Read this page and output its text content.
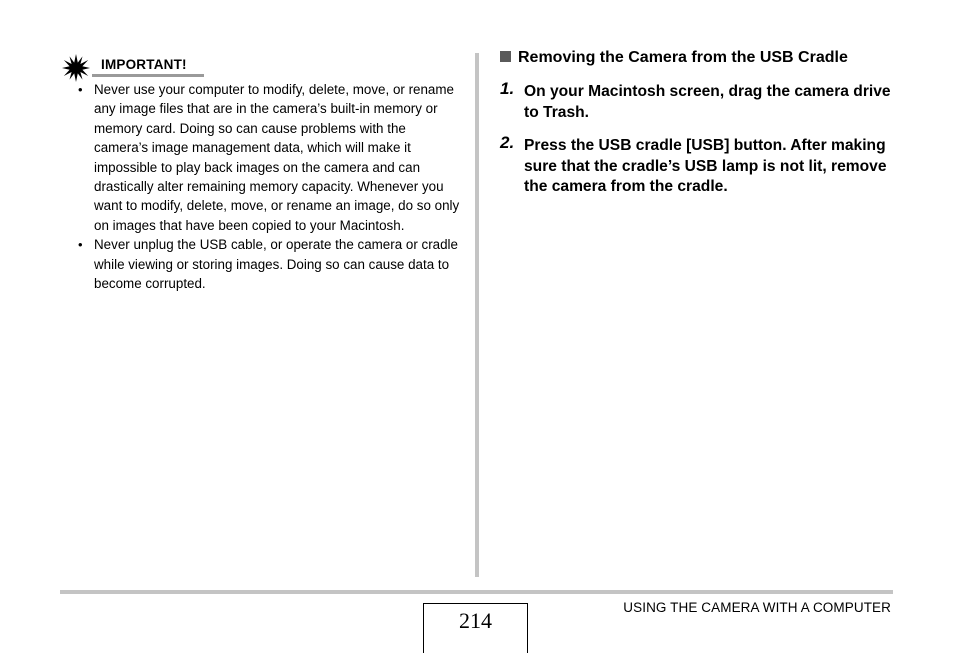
IMPORTANT!
• Never use your computer to modify, delete, move, or rename any image files that are in the camera’s built-in memory or memory card. Doing so can cause problems with the camera’s image management data, which will make it impossible to play back images on the camera and can drastically alter remaining memory capacity. Whenever you want to modify, delete, move, or rename an image, do so only on images that have been copied to your Macintosh.
• Never unplug the USB cable, or operate the camera or cradle while viewing or storing images. Doing so can cause data to become corrupted.
Removing the Camera from the USB Cradle
1. On your Macintosh screen, drag the camera drive to Trash.
2. Press the USB cradle [USB] button. After making sure that the cradle’s USB lamp is not lit, remove the camera from the cradle.
214
USING THE CAMERA WITH A COMPUTER
